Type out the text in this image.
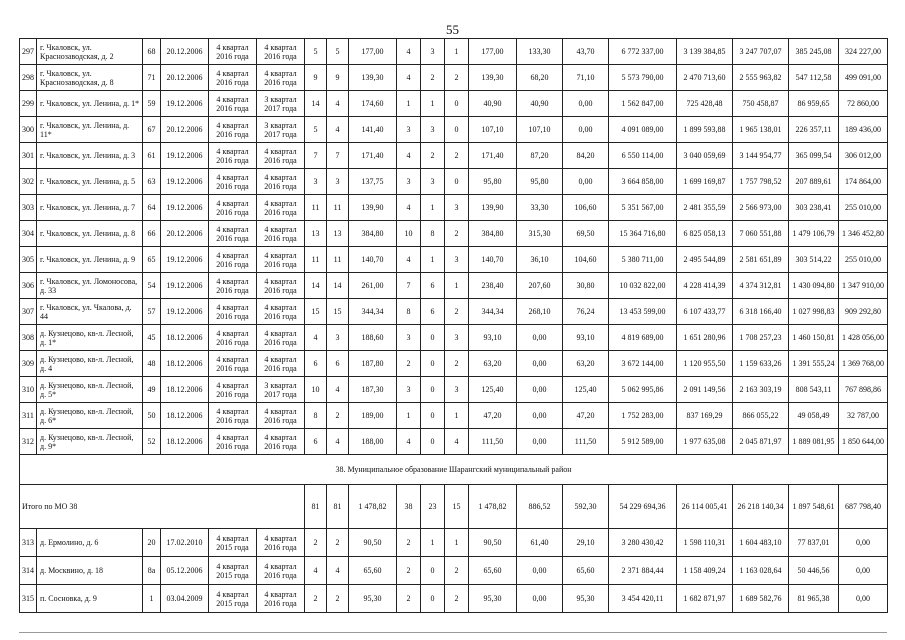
55
297	г. Чкаловск, ул. Краснозаводская, д. 2	68	20.12.2006	4 квартал 2016 года	4 квартал 2016 года	5	5	177,00	4	3	1	177,00	133,30	43,70	6 772 337,00	3 139 384,85	3 247 707,07	385 245,08	324 227,00
298	г. Чкаловск, ул. Краснозаводская, д. 8	71	20.12.2006	4 квартал 2016 года	4 квартал 2016 года	9	9	139,30	4	2	2	139,30	68,20	71,10	5 573 790,00	2 470 713,60	2 555 963,82	547 112,58	499 091,00
299	г. Чкаловск, ул. Ленина, д. 1*	59	19.12.2006	4 квартал 2016 года	3 квартал 2017 года	14	4	174,60	1	1	0	40,90	40,90	0,00	1 562 847,00	725 428,48	750 458,87	86 959,65	72 860,00
300	г. Чкаловск, ул. Ленина, д. 11*	67	20.12.2006	4 квартал 2016 года	3 квартал 2017 года	5	4	141,40	3	3	0	107,10	107,10	0,00	4 091 089,00	1 899 593,88	1 965 138,01	226 357,11	189 436,00
301	г. Чкаловск, ул. Ленина, д. 3	61	19.12.2006	4 квартал 2016 года	4 квартал 2016 года	7	7	171,40	4	2	2	171,40	87,20	84,20	6 550 114,00	3 040 059,69	3 144 954,77	365 099,54	306 012,00
302	г. Чкаловск, ул. Ленина, д. 5	63	19.12.2006	4 квартал 2016 года	4 квартал 2016 года	3	3	137,75	3	3	0	95,80	95,80	0,00	3 664 858,00	1 699 169,87	1 757 798,52	207 889,61	174 864,00
303	г. Чкаловск, ул. Ленина, д. 7	64	19.12.2006	4 квартал 2016 года	4 квартал 2016 года	11	11	139,90	4	1	3	139,90	33,30	106,60	5 351 567,00	2 481 355,59	2 566 973,00	303 238,41	255 010,00
304	г. Чкаловск, ул. Ленина, д. 8	66	20.12.2006	4 квартал 2016 года	4 квартал 2016 года	13	13	384,80	10	8	2	384,80	315,30	69,50	15 364 716,80	6 825 058,13	7 060 551,88	1 479 106,79	1 346 452,80
305	г. Чкаловск, ул. Ленина, д. 9	65	19.12.2006	4 квартал 2016 года	4 квартал 2016 года	11	11	140,70	4	1	3	140,70	36,10	104,60	5 380 711,00	2 495 544,89	2 581 651,89	303 514,22	255 010,00
306	г. Чкаловск, ул. Ломоносова, д. 33	54	19.12.2006	4 квартал 2016 года	4 квартал 2016 года	14	14	261,00	7	6	1	238,40	207,60	30,80	10 032 822,00	4 228 414,39	4 374 312,81	1 430 094,80	1 347 910,00
307	г. Чкаловск, ул. Чкалова, д. 44	57	19.12.2006	4 квартал 2016 года	4 квартал 2016 года	15	15	344,34	8	6	2	344,34	268,10	76,24	13 453 599,00	6 107 433,77	6 318 166,40	1 027 998,83	909 292,80
308	д. Кузнецово, кв-л. Лесной, д. 1*	45	18.12.2006	4 квартал 2016 года	4 квартал 2016 года	4	3	188,60	3	0	3	93,10	0,00	93,10	4 819 689,00	1 651 280,96	1 708 257,23	1 460 150,81	1 428 056,00
309	д. Кузнецово, кв-л. Лесной, д. 4	48	18.12.2006	4 квартал 2016 года	4 квартал 2016 года	6	6	187,80	2	0	2	63,20	0,00	63,20	3 672 144,00	1 120 955,50	1 159 633,26	1 391 555,24	1 369 768,00
310	д. Кузнецово, кв-л. Лесной, д. 5*	49	18.12.2006	4 квартал 2016 года	3 квартал 2017 года	10	4	187,30	3	0	3	125,40	0,00	125,40	5 062 995,86	2 091 149,56	2 163 303,19	808 543,11	767 898,86
311	д. Кузнецово, кв-л. Лесной, д. 6*	50	18.12.2006	4 квартал 2016 года	4 квартал 2016 года	8	2	189,00	1	0	1	47,20	0,00	47,20	1 752 283,00	837 169,29	866 055,22	49 058,49	32 787,00
312	д. Кузнецово, кв-л. Лесной, д. 9*	52	18.12.2006	4 квартал 2016 года	4 квартал 2016 года	6	4	188,00	4	0	4	111,50	0,00	111,50	5 912 589,00	1 977 635,08	2 045 871,97	1 889 081,95	1 850 644,00
38. Муниципальное образование Шарангский муниципальный район																			
Итого по МО 38						81	81	1 478,82	38	23	15	1 478,82	886,52	592,30	54 229 694,36	26 114 005,41	26 218 140,34	1 897 548,61	687 798,40
313	д. Ермолино, д. 6	20	17.02.2010	4 квартал 2015 года	4 квартал 2016 года	2	2	90,50	2	1	1	90,50	61,40	29,10	3 280 430,42	1 598 110,31	1 604 483,10	77 837,01	0,00
314	д. Москвино, д. 18	8а	05.12.2006	4 квартал 2015 года	4 квартал 2016 года	4	4	65,60	2	0	2	65,60	0,00	65,60	2 371 884,44	1 158 409,24	1 163 028,64	50 446,56	0,00
315	п. Сосновка, д. 9	1	03.04.2009	4 квартал 2015 года	4 квартал 2016 года	2	2	95,30	2	0	2	95,30	0,00	95,30	3 454 420,11	1 682 871,97	1 689 582,76	81 965,38	0,00
